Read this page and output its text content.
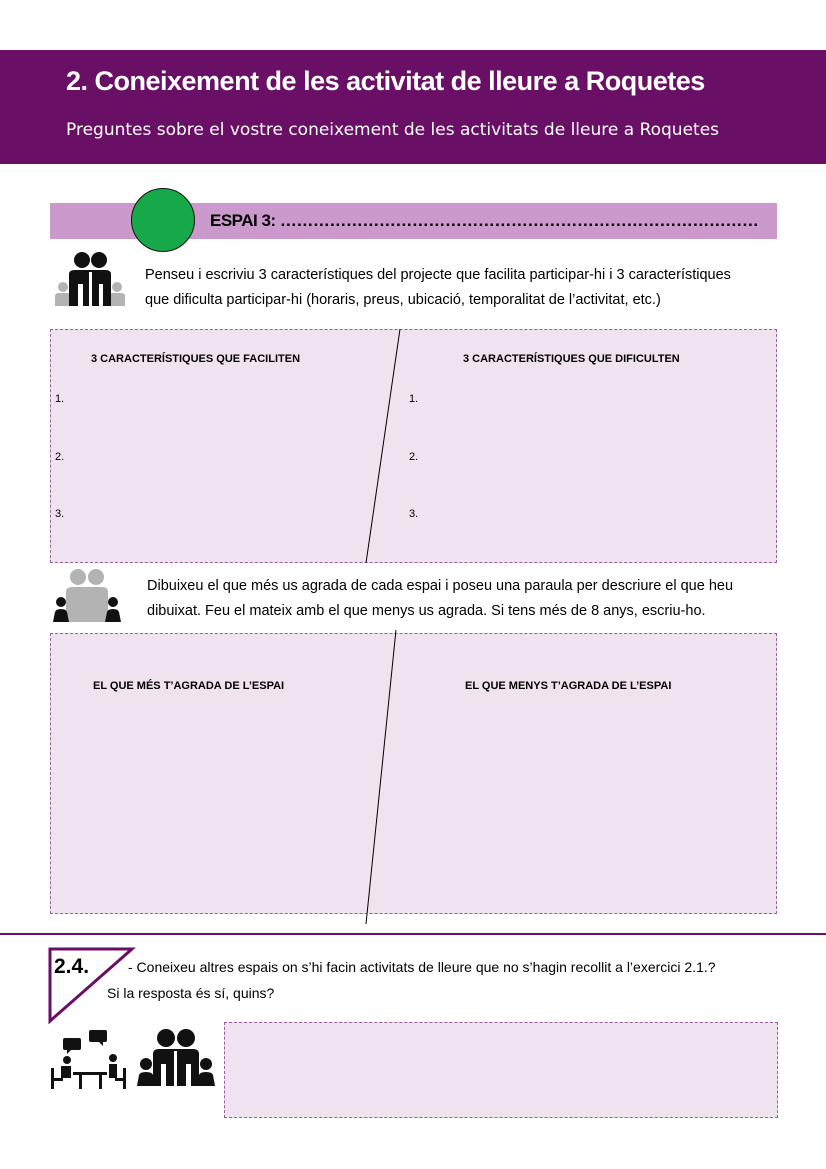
2. Coneixement de les activitat de lleure a Roquetes
Preguntes sobre el vostre coneixement de les activitats de lleure a Roquetes
ESPAI 3: ……………………………………………………………………………
Penseu i escriviu 3 característiques del projecte que facilita participar-hi i 3 característiques
que dificulta participar-hi (horaris, preus, ubicació, temporalitat de l’activitat, etc.)
3 CARACTERÍSTIQUES QUE FACILITEN	3 CARACTERÍSTIQUES QUE DIFICULTEN
1.
2.
3.
1.
2.
3.
Dibuixeu el que més us agrada de cada espai i poseu una paraula per descriure el que heu
dibuixat. Feu el mateix amb el que menys us agrada. Si tens més de 8 anys, escriu-ho.
EL QUE MÉS T’AGRADA DE L’ESPAI	EL QUE MENYS T’AGRADA DE L’ESPAI
2.4.	- Coneixeu altres espais on s’hi facin activitats de lleure que no s’hagin recollit a l’exercici 2.1.?
Si la resposta és sí, quins?
